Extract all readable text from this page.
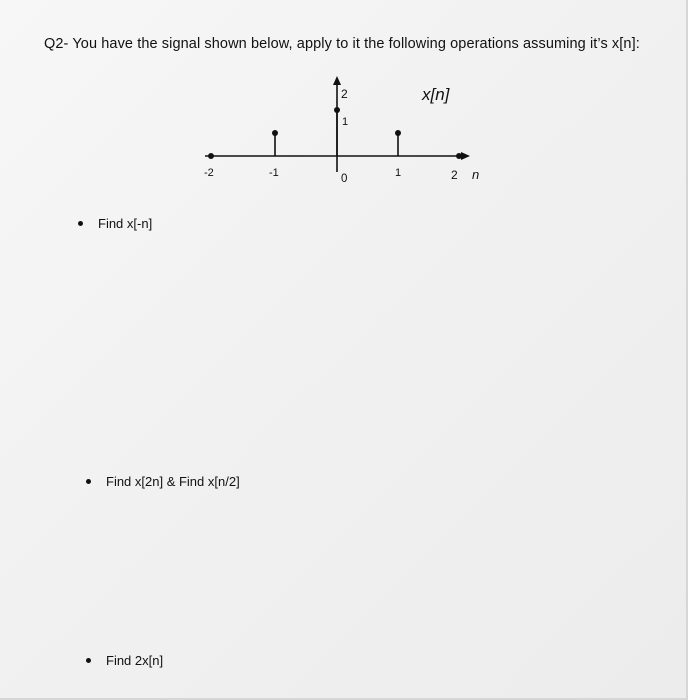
Q2- You have the signal shown below, apply to it the following operations assuming it’s x[n]:
2
1
-2	-1	0	1	2 n
x[n]
Find x[-n]
Find x[2n] & Find x[n/2]
Find 2x[n]
